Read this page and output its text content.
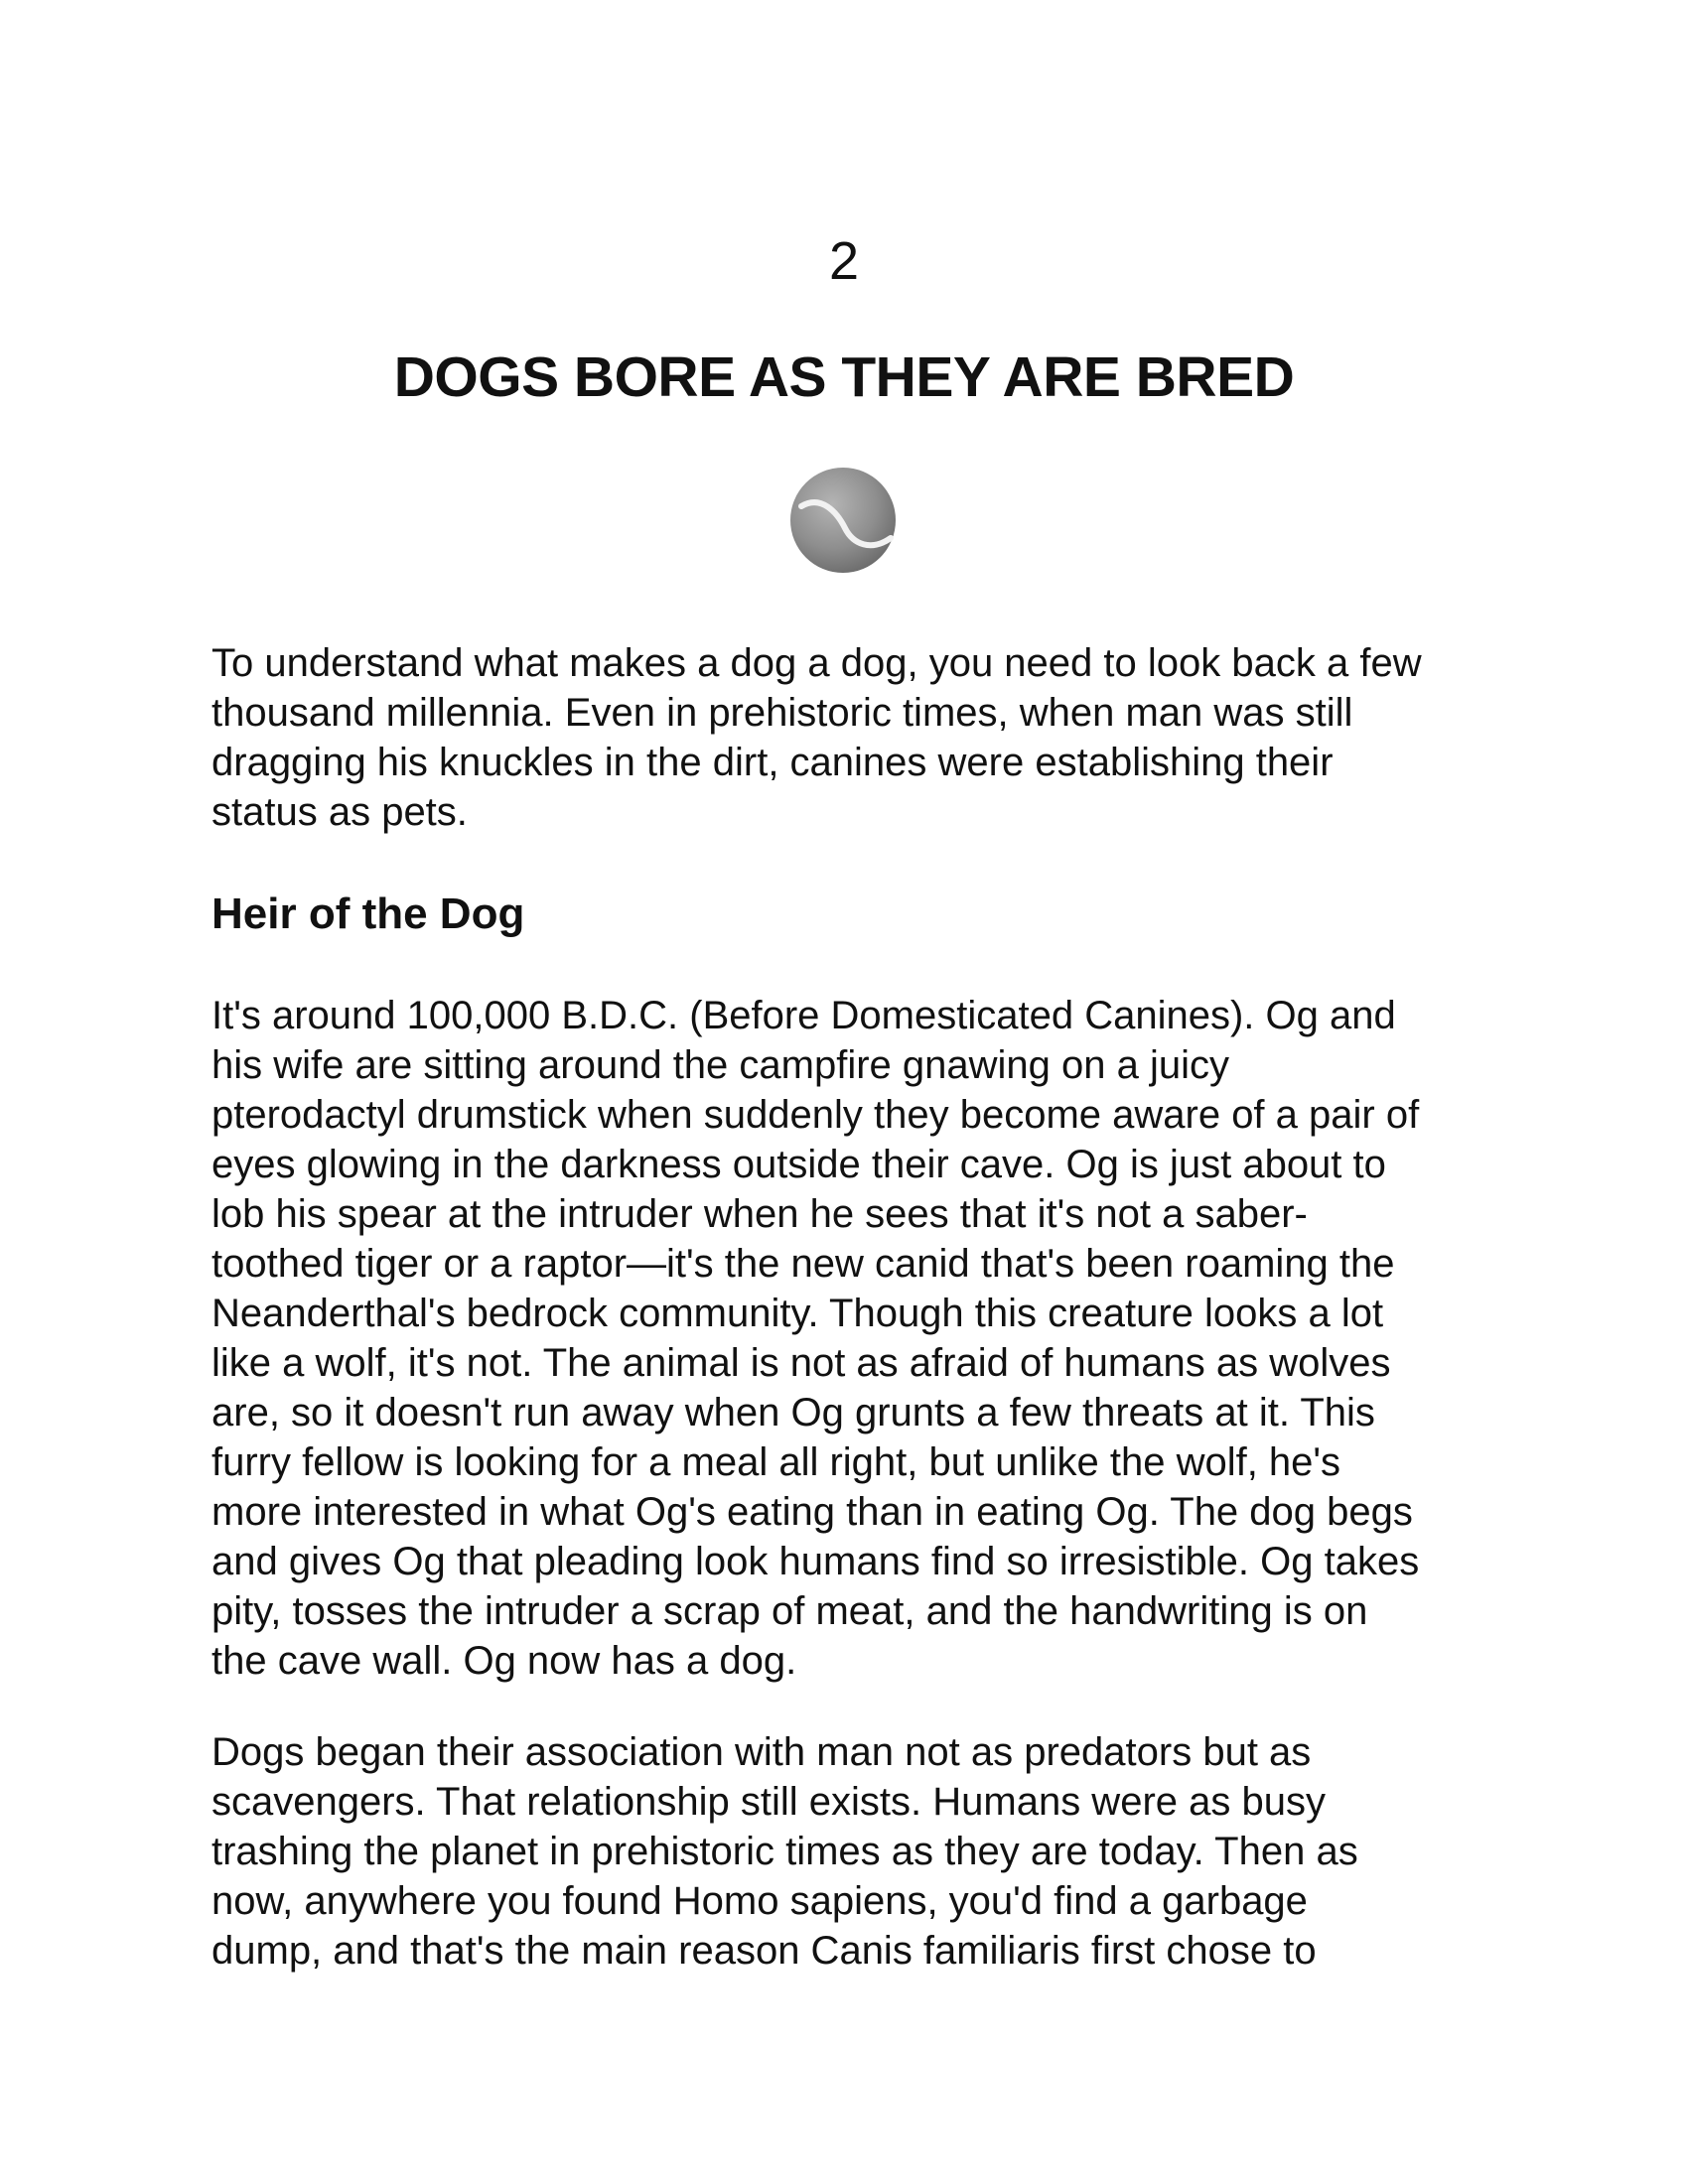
2
DOGS BORE AS THEY ARE BRED

To understand what makes a dog a dog, you need to look back a few
thousand millennia. Even in prehistoric times, when man was still
dragging his knuckles in the dirt, canines were establishing their
status as pets.

Heir of the Dog

It's around 100,000 B.D.C. (Before Domesticated Canines). Og and
his wife are sitting around the campfire gnawing on a juicy
pterodactyl drumstick when suddenly they become aware of a pair of
eyes glowing in the darkness outside their cave. Og is just about to
lob his spear at the intruder when he sees that it's not a saber-
toothed tiger or a raptor—it's the new canid that's been roaming the
Neanderthal's bedrock community. Though this creature looks a lot
like a wolf, it's not. The animal is not as afraid of humans as wolves
are, so it doesn't run away when Og grunts a few threats at it. This
furry fellow is looking for a meal all right, but unlike the wolf, he's
more interested in what Og's eating than in eating Og. The dog begs
and gives Og that pleading look humans find so irresistible. Og takes
pity, tosses the intruder a scrap of meat, and the handwriting is on
the cave wall. Og now has a dog.

Dogs began their association with man not as predators but as
scavengers. That relationship still exists. Humans were as busy
trashing the planet in prehistoric times as they are today. Then as
now, anywhere you found Homo sapiens, you'd find a garbage
dump, and that's the main reason Canis familiaris first chose to
